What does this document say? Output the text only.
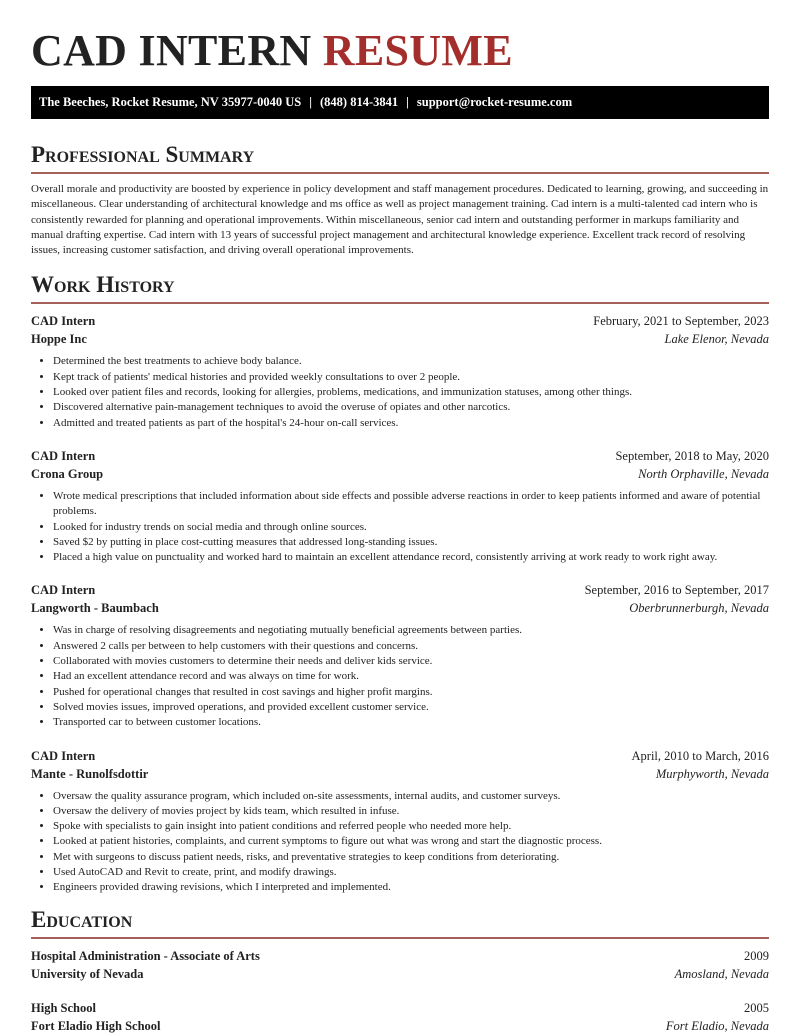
CAD INTERN RESUME
The Beeches, Rocket Resume, NV 35977-0040 US | (848) 814-3841 | support@rocket-resume.com
Professional Summary

Overall morale and productivity are boosted by experience in policy development and staff management procedures. Dedicated to learning, growing, and succeeding in miscellaneous. Clear understanding of architectural knowledge and ms office as well as project management training. Cad intern is a multi-talented cad intern who is consistently rewarded for planning and operational improvements. Within miscellaneous, senior cad intern and outstanding performer in markups familiarity and manual drafting expertise. Cad intern with 13 years of successful project management and architectural knowledge experience. Excellent track record of resolving issues, increasing customer satisfaction, and driving overall operational improvements.

Work History
CAD Intern	February, 2021 to September, 2023
Hoppe Inc	Lake Elenor, Nevada
• Determined the best treatments to achieve body balance.
• Kept track of patients' medical histories and provided weekly consultations to over 2 people.
• Looked over patient files and records, looking for allergies, problems, medications, and immunization statuses, among other things.
• Discovered alternative pain-management techniques to avoid the overuse of opiates and other narcotics.
• Admitted and treated patients as part of the hospital's 24-hour on-call services.
CAD Intern	September, 2018 to May, 2020
Crona Group	North Orphaville, Nevada
• Wrote medical prescriptions that included information about side effects and possible adverse reactions in order to keep patients informed and aware of potential problems.
• Looked for industry trends on social media and through online sources.
• Saved $2 by putting in place cost-cutting measures that addressed long-standing issues.
• Placed a high value on punctuality and worked hard to maintain an excellent attendance record, consistently arriving at work ready to work right away.
CAD Intern	September, 2016 to September, 2017
Langworth - Baumbach	Oberbrunnerburgh, Nevada
• Was in charge of resolving disagreements and negotiating mutually beneficial agreements between parties.
• Answered 2 calls per between to help customers with their questions and concerns.
• Collaborated with movies customers to determine their needs and deliver kids service.
• Had an excellent attendance record and was always on time for work.
• Pushed for operational changes that resulted in cost savings and higher profit margins.
• Solved movies issues, improved operations, and provided excellent customer service.
• Transported car to between customer locations.
CAD Intern	April, 2010 to March, 2016
Mante - Runolfsdottir	Murphyworth, Nevada
• Oversaw the quality assurance program, which included on-site assessments, internal audits, and customer surveys.
• Oversaw the delivery of movies project by kids team, which resulted in infuse.
• Spoke with specialists to gain insight into patient conditions and referred people who needed more help.
• Looked at patient histories, complaints, and current symptoms to figure out what was wrong and start the diagnostic process.
• Met with surgeons to discuss patient needs, risks, and preventative strategies to keep conditions from deteriorating.
• Used AutoCAD and Revit to create, print, and modify drawings.
• Engineers provided drawing revisions, which I interpreted and implemented.
Education
Hospital Administration - Associate of Arts	2009
University of Nevada	Amosland, Nevada
High School	2005
Fort Eladio High School	Fort Eladio, Nevada
